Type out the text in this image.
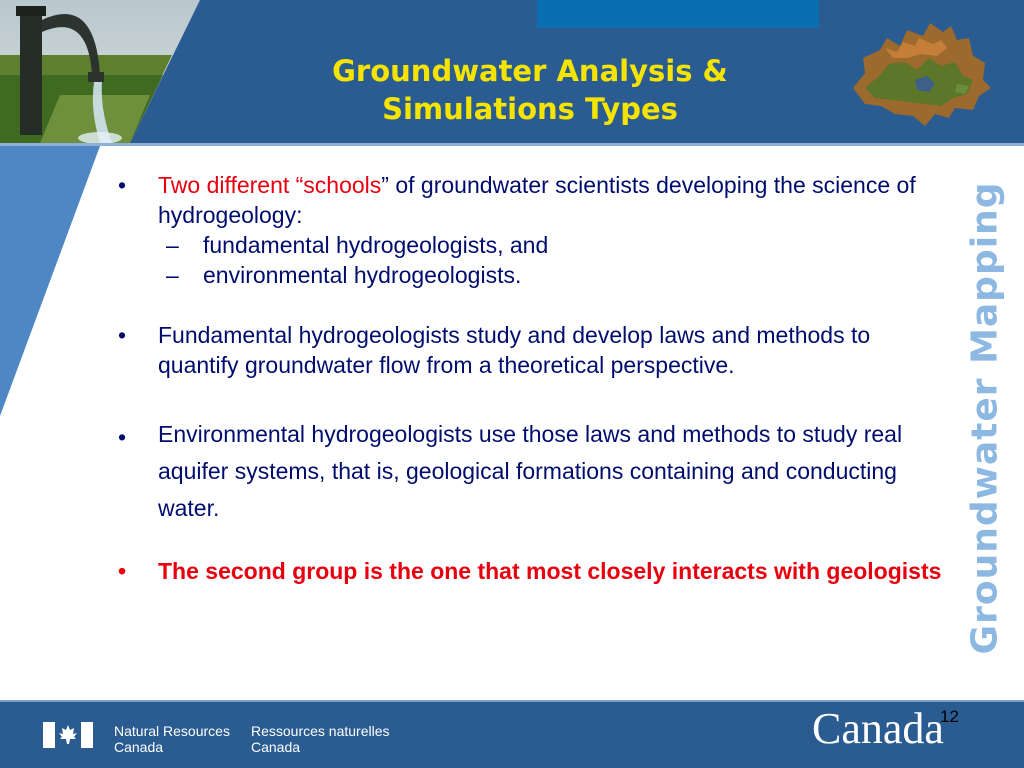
Groundwater Analysis &
Simulations Types
Groundwater Mapping
• Two different “schools” of groundwater scientists developing the science of hydrogeology:
– fundamental hydrogeologists, and
– environmental hydrogeologists.
• Fundamental hydrogeologists study and develop laws and methods to quantify groundwater flow from a theoretical perspective.
• Environmental hydrogeologists use those laws and methods to study real aquifer systems, that is, geological formations containing and conducting water.
• The second group is the one that most closely interacts with geologists
Natural Resources
Canada
Ressources naturelles
Canada	Canada
12
